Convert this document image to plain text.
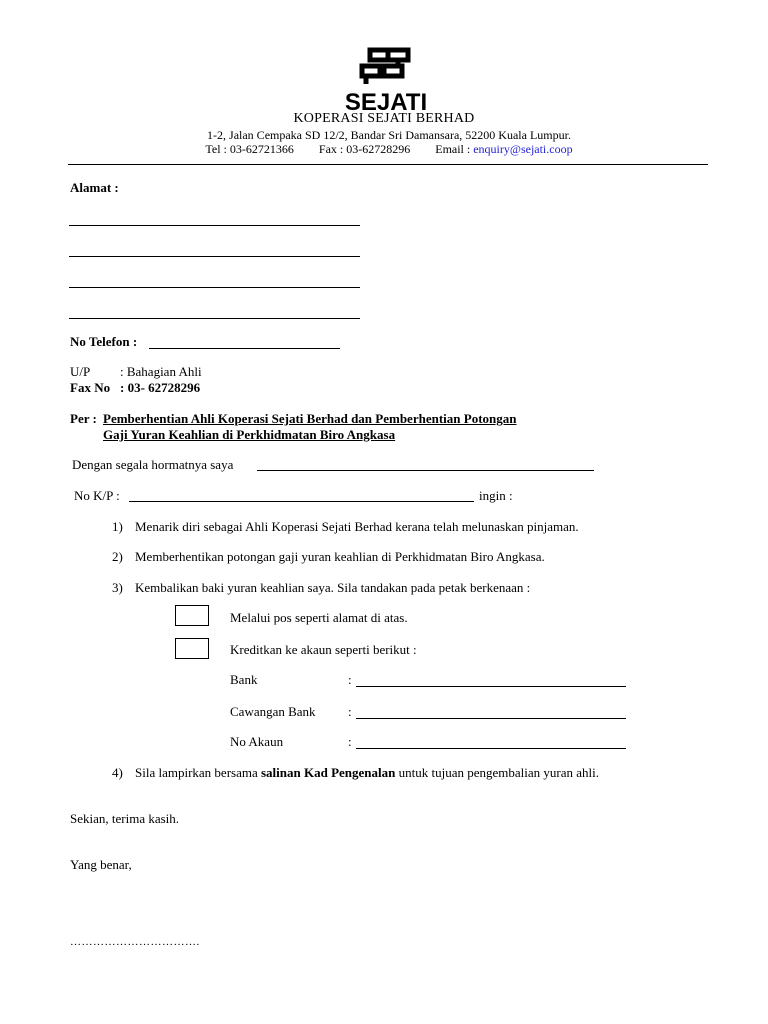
SEJATI
KOPERASI SEJATI BERHAD
1-2, Jalan Cempaka SD 12/2, Bandar Sri Damansara, 52200 Kuala Lumpur.
Tel : 03-62721366 Fax : 03-62728296 Email : enquiry@sejati.coop
Alamat :
No Telefon :
U/P : Bahagian Ahli
Fax No : 03- 62728296
Per : Pemberhentian Ahli Koperasi Sejati Berhad dan Pemberhentian Potongan
Gaji Yuran Keahlian di Perkhidmatan Biro Angkasa
Dengan segala hormatnya saya
No K/P :	ingin :
1) Menarik diri sebagai Ahli Koperasi Sejati Berhad kerana telah melunaskan pinjaman.
2) Memberhentikan potongan gaji yuran keahlian di Perkhidmatan Biro Angkasa.
3) Kembalikan baki yuran keahlian saya. Sila tandakan pada petak berkenaan :
Melalui pos seperti alamat di atas.
Kreditkan ke akaun seperti berikut :
Bank	:
Cawangan Bank :
No Akaun	:
4) Sila lampirkan bersama salinan Kad Pengenalan untuk tujuan pengembalian yuran ahli.
Sekian, terima kasih.
Yang benar,
…………………………….
